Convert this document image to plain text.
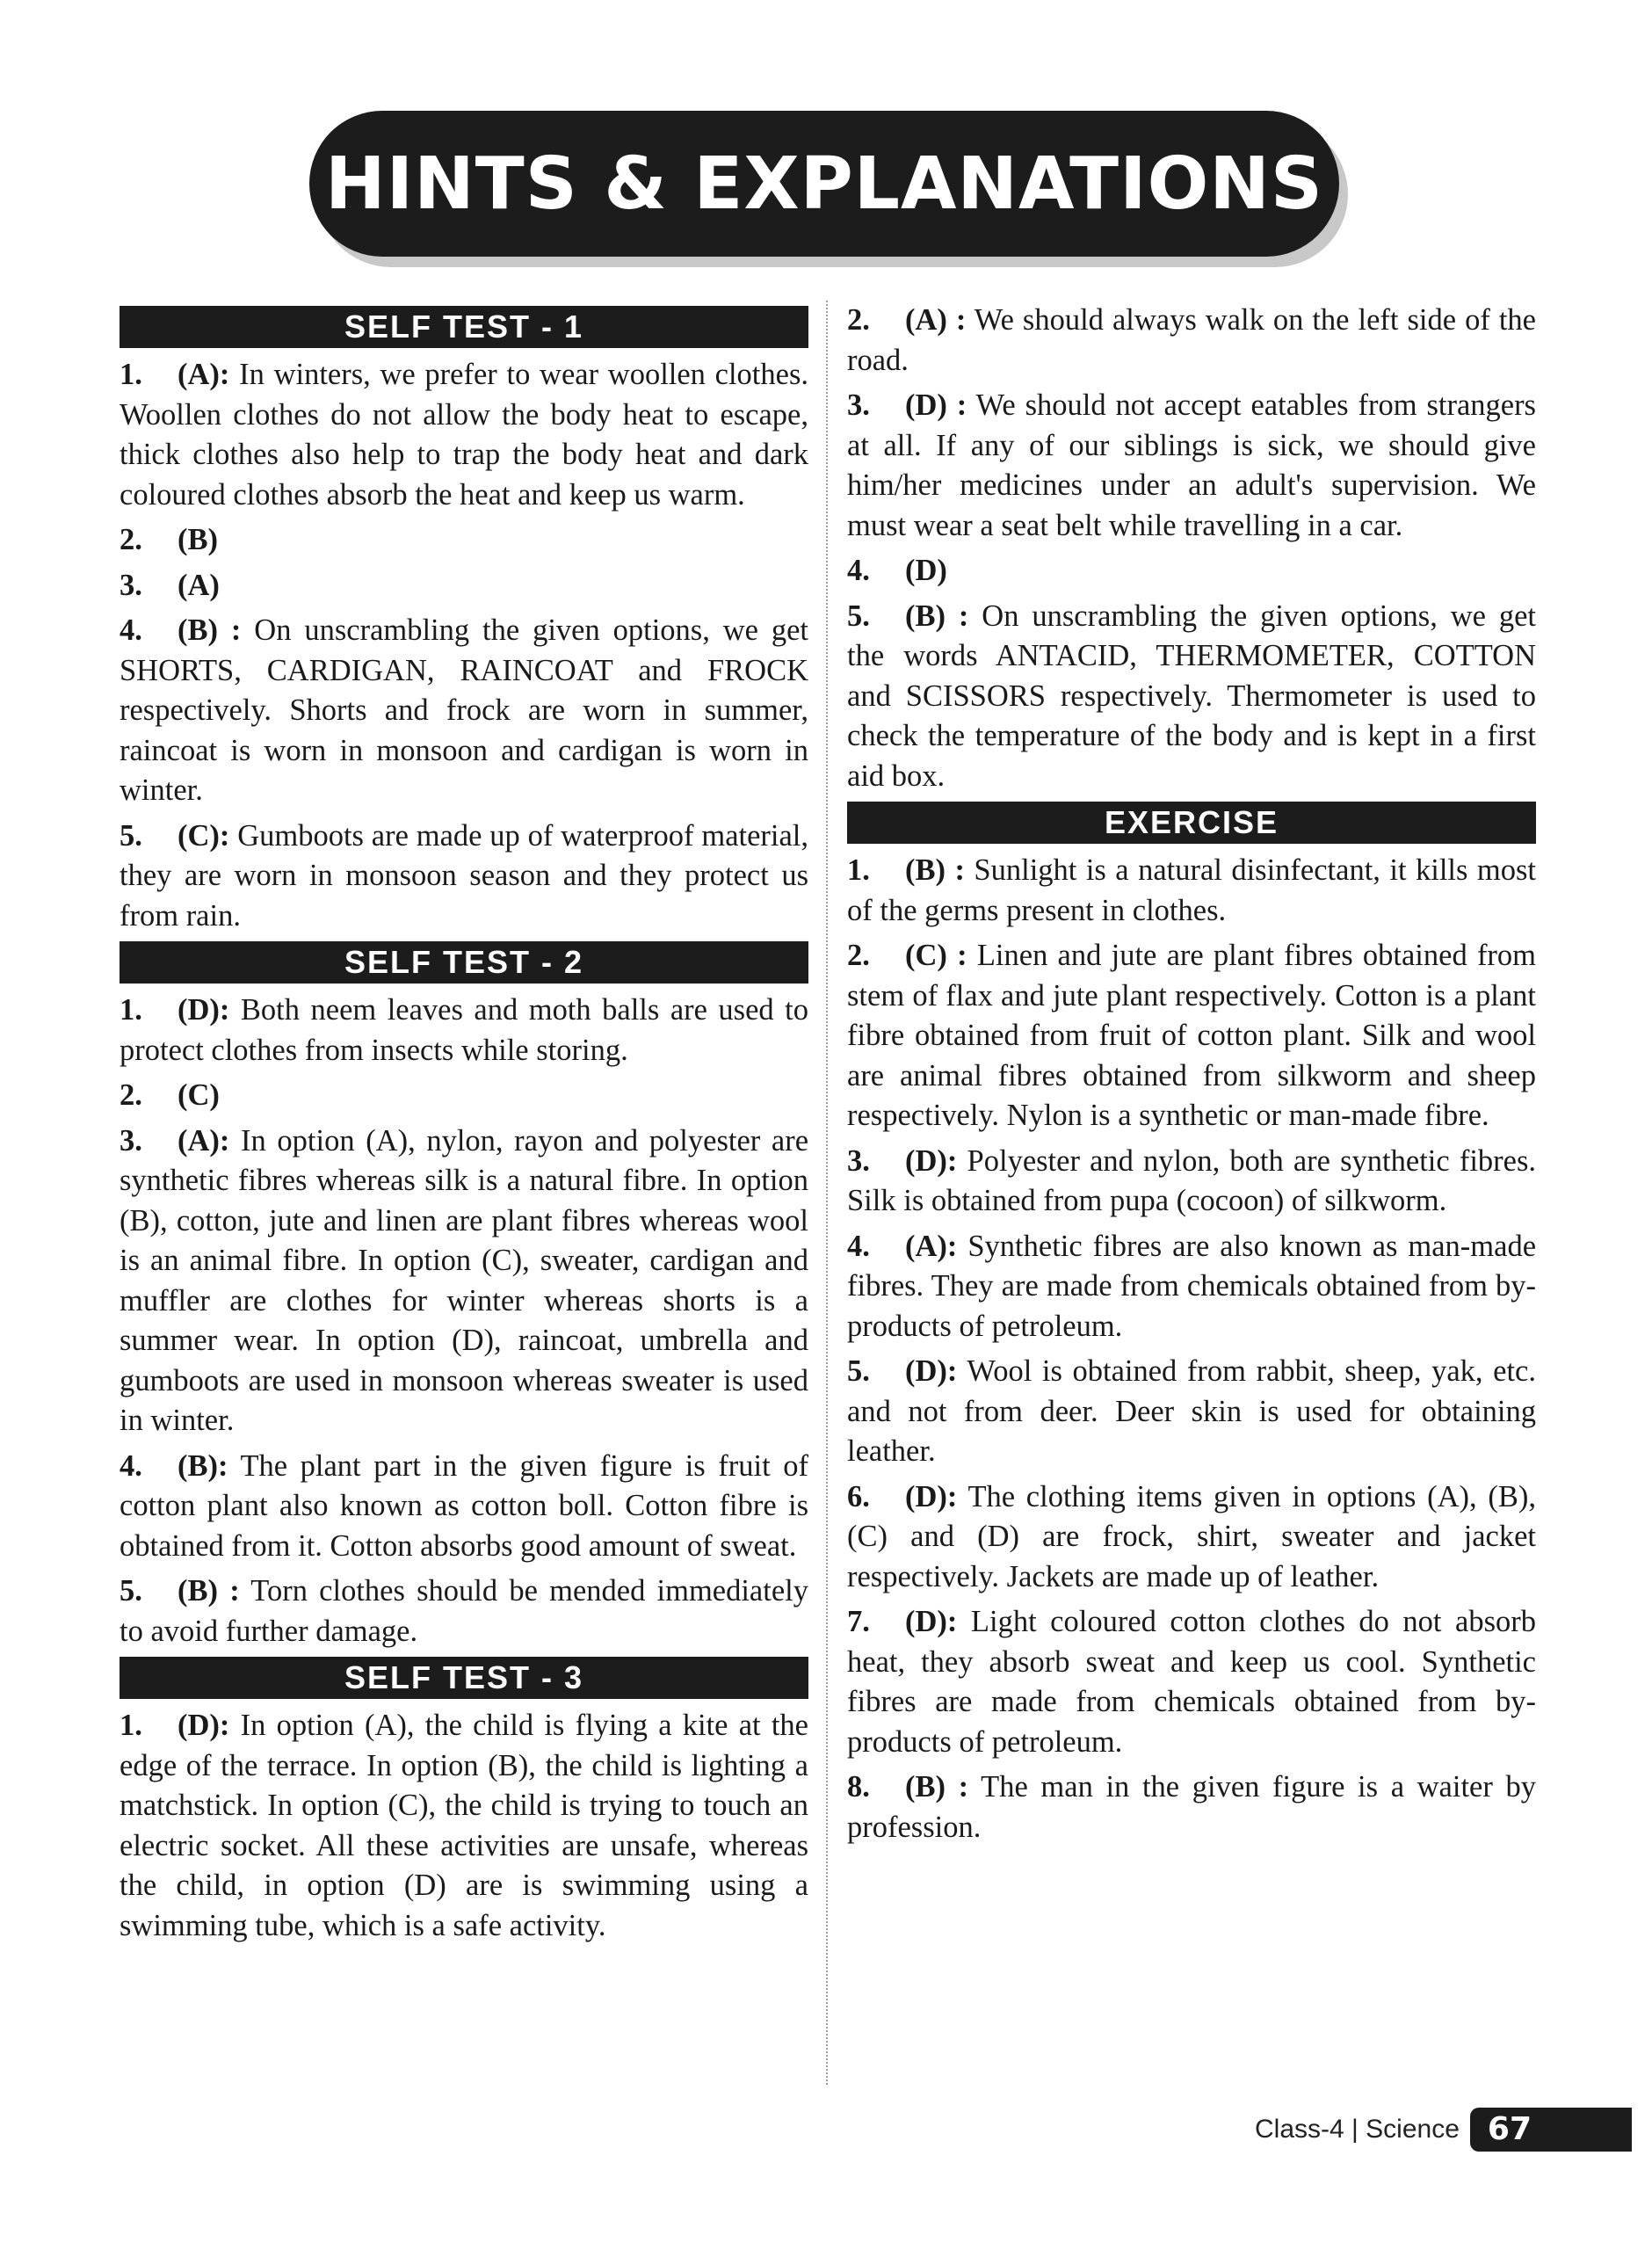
HINTS & EXPLANATIONS
SELF TEST - 1

1. (A): In winters, we prefer to wear woollen clothes. Woollen clothes do not allow the body heat to escape, thick clothes also help to trap the body heat and dark coloured clothes absorb the heat and keep us warm.

2. (B)

3. (A)

4. (B) : On unscrambling the given options, we get SHORTS, CARDIGAN, RAINCOAT and FROCK respectively. Shorts and frock are worn in summer, raincoat is worn in monsoon and cardigan is worn in winter.

5. (C): Gumboots are made up of waterproof material, they are worn in monsoon season and they protect us from rain.

SELF TEST - 2

1. (D): Both neem leaves and moth balls are used to protect clothes from insects while storing.

2. (C)

3. (A): In option (A), nylon, rayon and polyester are synthetic fibres whereas silk is a natural fibre. In option (B), cotton, jute and linen are plant fibres whereas wool is an animal fibre. In option (C), sweater, cardigan and muffler are clothes for winter whereas shorts is a summer wear. In option (D), raincoat, umbrella and gumboots are used in monsoon whereas sweater is used in winter.

4. (B): The plant part in the given figure is fruit of cotton plant also known as cotton boll. Cotton fibre is obtained from it. Cotton absorbs good amount of sweat.

5. (B) : Torn clothes should be mended immediately to avoid further damage.

SELF TEST - 3

1. (D): In option (A), the child is flying a kite at the edge of the terrace. In option (B), the child is lighting a matchstick. In option (C), the child is trying to touch an electric socket. All these activities are unsafe, whereas the child, in option (D) are is swimming using a swimming tube, which is a safe activity.

2. (A) : We should always walk on the left side of the road.

3. (D) : We should not accept eatables from strangers at all. If any of our siblings is sick, we should give him/her medicines under an adult's supervision. We must wear a seat belt while travelling in a car.

4. (D)

5. (B) : On unscrambling the given options, we get the words ANTACID, THERMOMETER, COTTON and SCISSORS respectively. Thermometer is used to check the temperature of the body and is kept in a first aid box.

EXERCISE

1. (B) : Sunlight is a natural disinfectant, it kills most of the germs present in clothes.

2. (C) : Linen and jute are plant fibres obtained from stem of flax and jute plant respectively. Cotton is a plant fibre obtained from fruit of cotton plant. Silk and wool are animal fibres obtained from silkworm and sheep respectively. Nylon is a synthetic or man-made fibre.

3. (D): Polyester and nylon, both are synthetic fibres. Silk is obtained from pupa (cocoon) of silkworm.

4. (A): Synthetic fibres are also known as man-made fibres. They are made from chemicals obtained from by-products of petroleum.

5. (D): Wool is obtained from rabbit, sheep, yak, etc. and not from deer. Deer skin is used for obtaining leather.

6. (D): The clothing items given in options (A), (B), (C) and (D) are frock, shirt, sweater and jacket respectively. Jackets are made up of leather.

7. (D): Light coloured cotton clothes do not absorb heat, they absorb sweat and keep us cool. Synthetic fibres are made from chemicals obtained from by-products of petroleum.

8. (B) : The man in the given figure is a waiter by profession.

Class-4 | Science 67
